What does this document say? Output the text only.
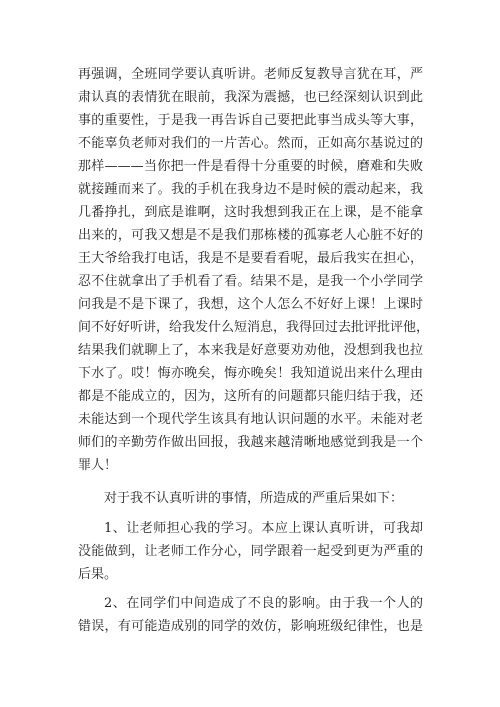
再强调，全班同学要认真听讲。老师反复教导言犹在耳，严
肃认真的表情犹在眼前，我深为震撼，也已经深刻认识到此
事的重要性，于是我一再告诉自己要把此事当成头等大事，
不能辜负老师对我们的一片苦心。然而，正如高尔基说过的
那样———当你把一件是看得十分重要的时候，磨难和失败
就接踵而来了。我的手机在我身边不是时候的震动起来，我
几番挣扎，到底是谁啊，这时我想到我正在上课，是不能拿
出来的，可我又想是不是我们那栋楼的孤寡老人心脏不好的
王大爷给我打电话，我是不是要看看呢，最后我实在担心，
忍不住就拿出了手机看了看。结果不是，是我一个小学同学
问我是不是下课了，我想，这个人怎么不好好上课！上课时
间不好好听讲，给我发什么短消息，我得回过去批评批评他，
结果我们就聊上了，本来我是好意要劝劝他，没想到我也拉
下水了。哎！悔亦晚矣，悔亦晚矣！我知道说出来什么理由
都是不能成立的，因为，这所有的问题都只能归结于我，还
未能达到一个现代学生该具有地认识问题的水平。未能对老
师们的辛勤劳作做出回报，我越来越清晰地感觉到我是一个
罪人！
对于我不认真听讲的事情，所造成的严重后果如下：
1、让老师担心我的学习。本应上课认真听讲，可我却
没能做到，让老师工作分心，同学跟着一起受到更为严重的
后果。
2、在同学们中间造成了不良的影响。由于我一个人的
错误，有可能造成别的同学的效仿，影响班级纪律性，也是
